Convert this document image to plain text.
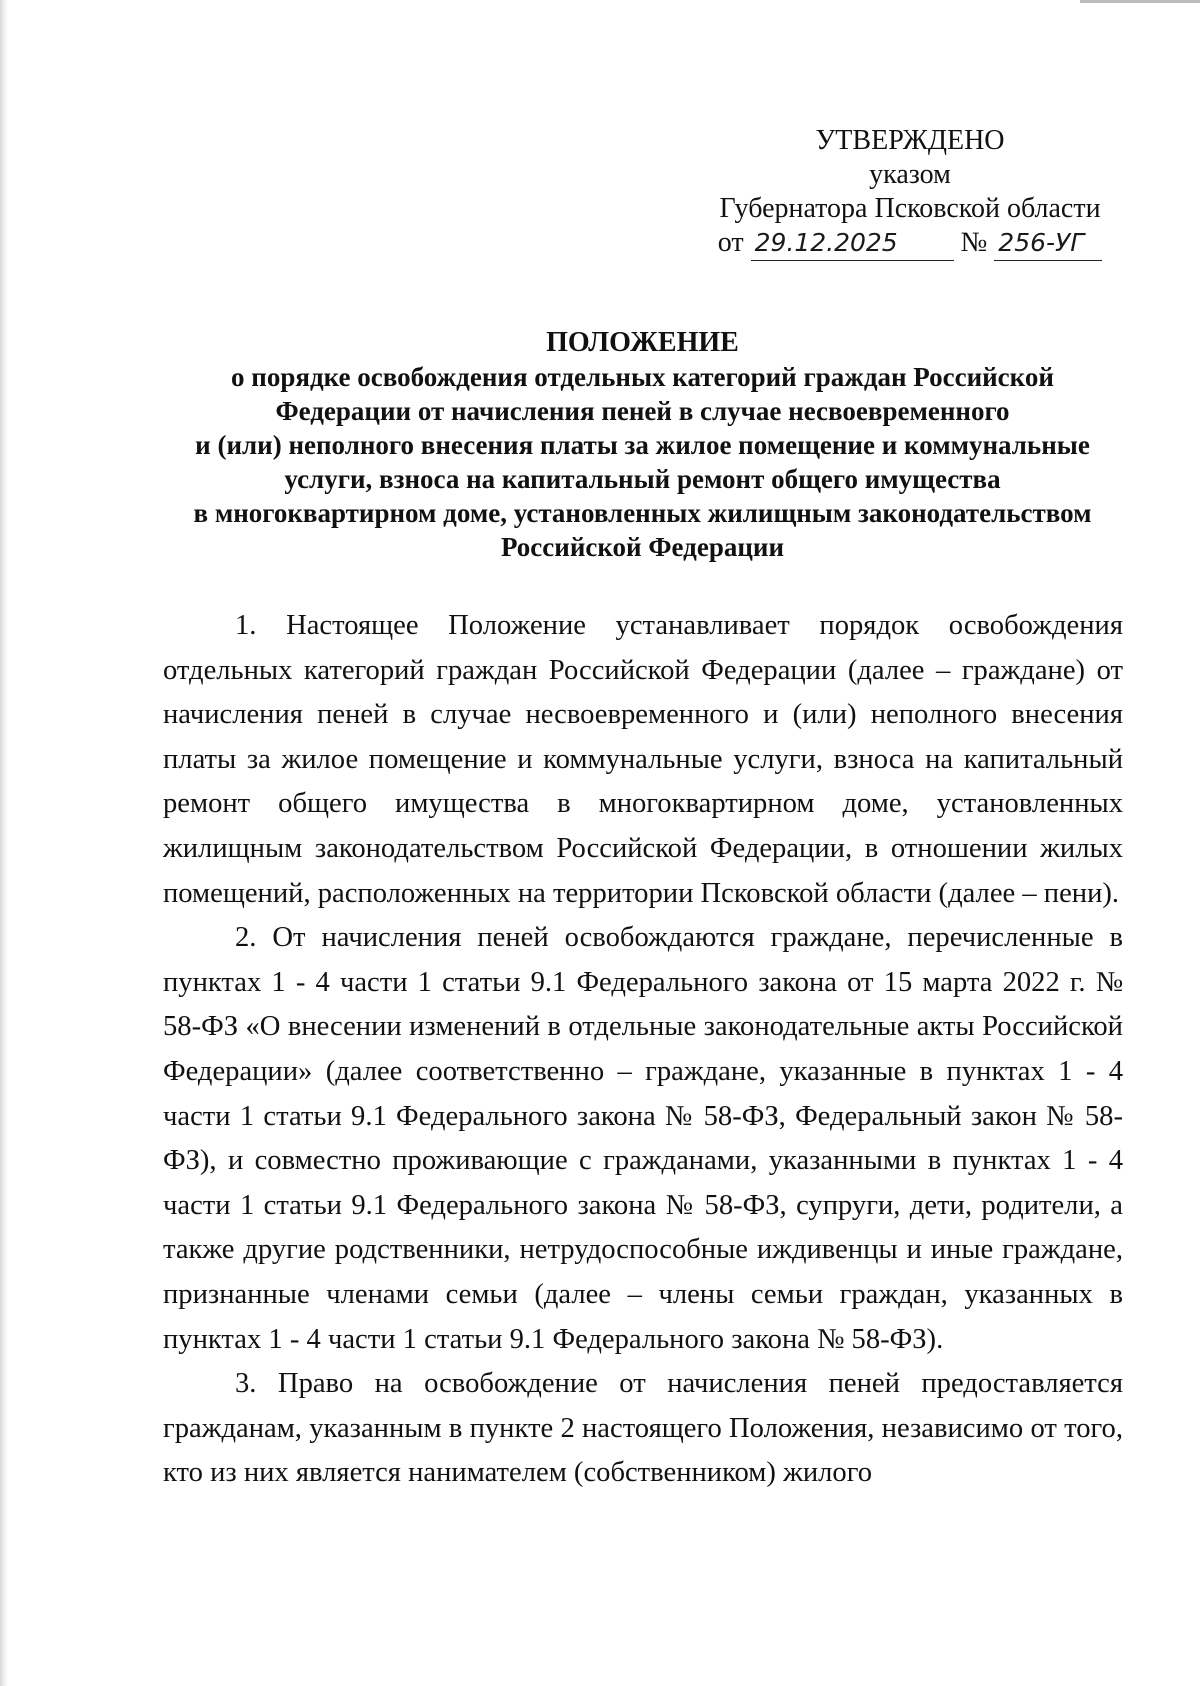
УТВЕРЖДЕНО
указом
Губернатора Псковской области
от 29.12.2025 № 256-УГ
ПОЛОЖЕНИЕ
о порядке освобождения отдельных категорий граждан Российской
Федерации от начисления пеней в случае несвоевременного
и (или) неполного внесения платы за жилое помещение и коммунальные
услуги, взноса на капитальный ремонт общего имущества
в многоквартирном доме, установленных жилищным законодательством
Российской Федерации

1. Настоящее Положение устанавливает порядок освобождения отдельных категорий граждан Российской Федерации (далее – граждане) от начисления пеней в случае несвоевременного и (или) неполного внесения платы за жилое помещение и коммунальные услуги, взноса на капитальный ремонт общего имущества в многоквартирном доме, установленных жилищным законодательством Российской Федерации, в отношении жилых помещений, расположенных на территории Псковской области (далее – пени).

2. От начисления пеней освобождаются граждане, перечисленные в пунктах 1 - 4 части 1 статьи 9.1 Федерального закона от 15 марта 2022 г. № 58-ФЗ «О внесении изменений в отдельные законодательные акты Российской Федерации» (далее соответственно – граждане, указанные в пунктах 1 - 4 части 1 статьи 9.1 Федерального закона № 58-ФЗ, Федеральный закон № 58-ФЗ), и совместно проживающие с гражданами, указанными в пунктах 1 - 4 части 1 статьи 9.1 Федерального закона № 58-ФЗ, супруги, дети, родители, а также другие родственники, нетрудоспособные иждивенцы и иные граждане, признанные членами семьи (далее – члены семьи граждан, указанных в пунктах 1 - 4 части 1 статьи 9.1 Федерального закона № 58-ФЗ).

3. Право на освобождение от начисления пеней предоставляется гражданам, указанным в пункте 2 настоящего Положения, независимо от того, кто из них является нанимателем (собственником) жилого
